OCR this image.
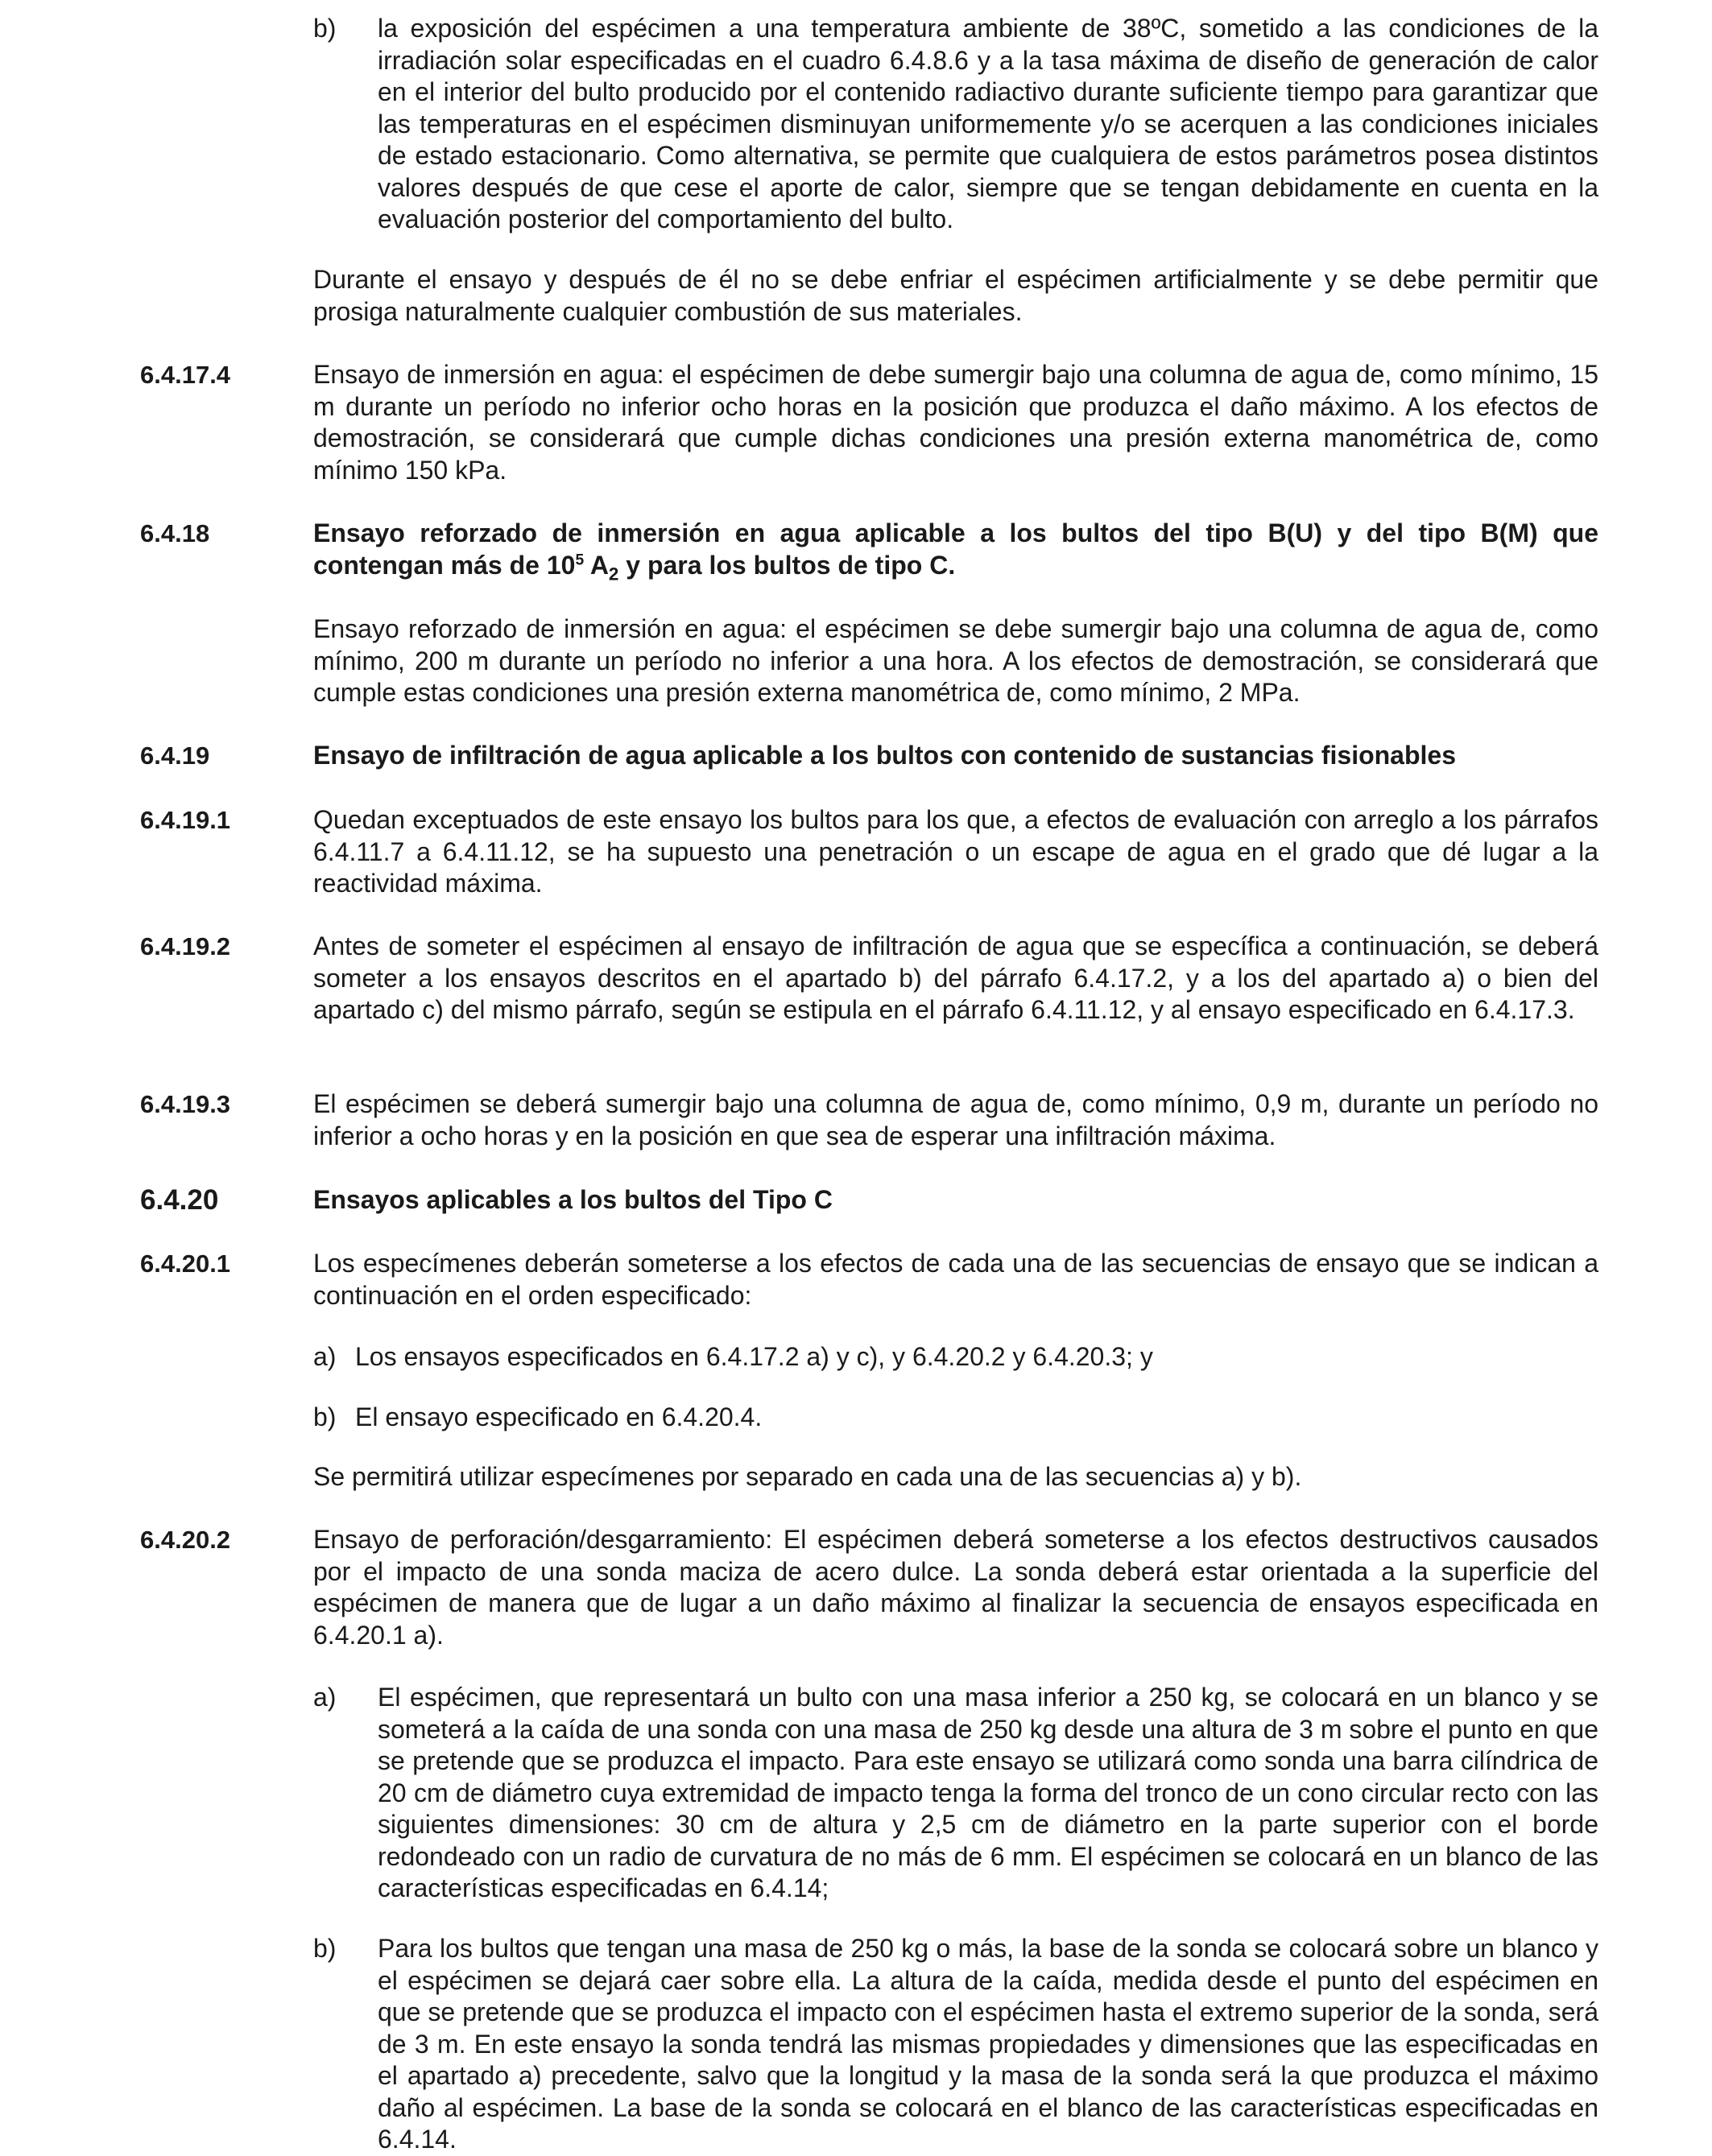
b) la exposición del espécimen a una temperatura ambiente de 38ºC, sometido a las condiciones de la irradiación solar especificadas en el cuadro 6.4.8.6 y a la tasa máxima de diseño de generación de calor en el interior del bulto producido por el contenido radiactivo durante suficiente tiempo para garantizar que las temperaturas en el espécimen disminuyan uniformemente y/o se acerquen a las condiciones iniciales de estado estacionario. Como alternativa, se permite que cualquiera de estos parámetros posea distintos valores después de que cese el aporte de calor, siempre que se tengan debidamente en cuenta en la evaluación posterior del comportamiento del bulto.

Durante el ensayo y después de él no se debe enfriar el espécimen artificialmente y se debe permitir que prosiga naturalmente cualquier combustión de sus materiales.

6.4.17.4	Ensayo de inmersión en agua: el espécimen de debe sumergir bajo una columna de agua de, como mínimo, 15 m durante un período no inferior ocho horas en la posición que produzca el daño máximo. A los efectos de demostración, se considerará que cumple dichas condiciones una presión externa manométrica de, como mínimo 150 kPa.

6.4.18	Ensayo reforzado de inmersión en agua aplicable a los bultos del tipo B(U) y del tipo B(M) que contengan más de $10^5$ $A_2$ y para los bultos de tipo C.

Ensayo reforzado de inmersión en agua: el espécimen se debe sumergir bajo una columna de agua de, como mínimo, 200 m durante un período no inferior a una hora. A los efectos de demostración, se considerará que cumple estas condiciones una presión externa manométrica de, como mínimo, 2 MPa.

6.4.19	Ensayo de infiltración de agua aplicable a los bultos con contenido de sustancias fisionables

6.4.19.1	Quedan exceptuados de este ensayo los bultos para los que, a efectos de evaluación con arreglo a los párrafos 6.4.11.7 a 6.4.11.12, se ha supuesto una penetración o un escape de agua en el grado que dé lugar a la reactividad máxima.

6.4.19.2	Antes de someter el espécimen al ensayo de infiltración de agua que se específica a continuación, se deberá someter a los ensayos descritos en el apartado b) del párrafo 6.4.17.2, y a los del apartado a) o bien del apartado c) del mismo párrafo, según se estipula en el párrafo 6.4.11.12, y al ensayo especificado en 6.4.17.3.

6.4.19.3	El espécimen se deberá sumergir bajo una columna de agua de, como mínimo, 0,9 m, durante un período no inferior a ocho horas y en la posición en que sea de esperar una infiltración máxima.

6.4.20	Ensayos aplicables a los bultos del Tipo C

6.4.20.1	Los especímenes deberán someterse a los efectos de cada una de las secuencias de ensayo que se indican a continuación en el orden especificado:

a) Los ensayos especificados en 6.4.17.2 a) y c), y 6.4.20.2 y 6.4.20.3; y

b) El ensayo especificado en 6.4.20.4.

Se permitirá utilizar especímenes por separado en cada una de las secuencias a) y b).

6.4.20.2	Ensayo de perforación/desgarramiento: El espécimen deberá someterse a los efectos destructivos causados por el impacto de una sonda maciza de acero dulce. La sonda deberá estar orientada a la superficie del espécimen de manera que de lugar a un daño máximo al finalizar la secuencia de ensayos especificada en 6.4.20.1 a).

a) El espécimen, que representará un bulto con una masa inferior a 250 kg, se colocará en un blanco y se someterá a la caída de una sonda con una masa de 250 kg desde una altura de 3 m sobre el punto en que se pretende que se produzca el impacto. Para este ensayo se utilizará como sonda una barra cilíndrica de 20 cm de diámetro cuya extremidad de impacto tenga la forma del tronco de un cono circular recto con las siguientes dimensiones: 30 cm de altura y 2,5 cm de diámetro en la parte superior con el borde redondeado con un radio de curvatura de no más de 6 mm. El espécimen se colocará en un blanco de las características especificadas en 6.4.14;

b) Para los bultos que tengan una masa de 250 kg o más, la base de la sonda se colocará sobre un blanco y el espécimen se dejará caer sobre ella. La altura de la caída, medida desde el punto del espécimen en que se pretende que se produzca el impacto con el espécimen hasta el extremo superior de la sonda, será de 3 m. En este ensayo la sonda tendrá las mismas propiedades y dimensiones que las especificadas en el apartado a) precedente, salvo que la longitud y la masa de la sonda será la que produzca el máximo daño al espécimen. La base de la sonda se colocará en el blanco de las características especificadas en 6.4.14.
